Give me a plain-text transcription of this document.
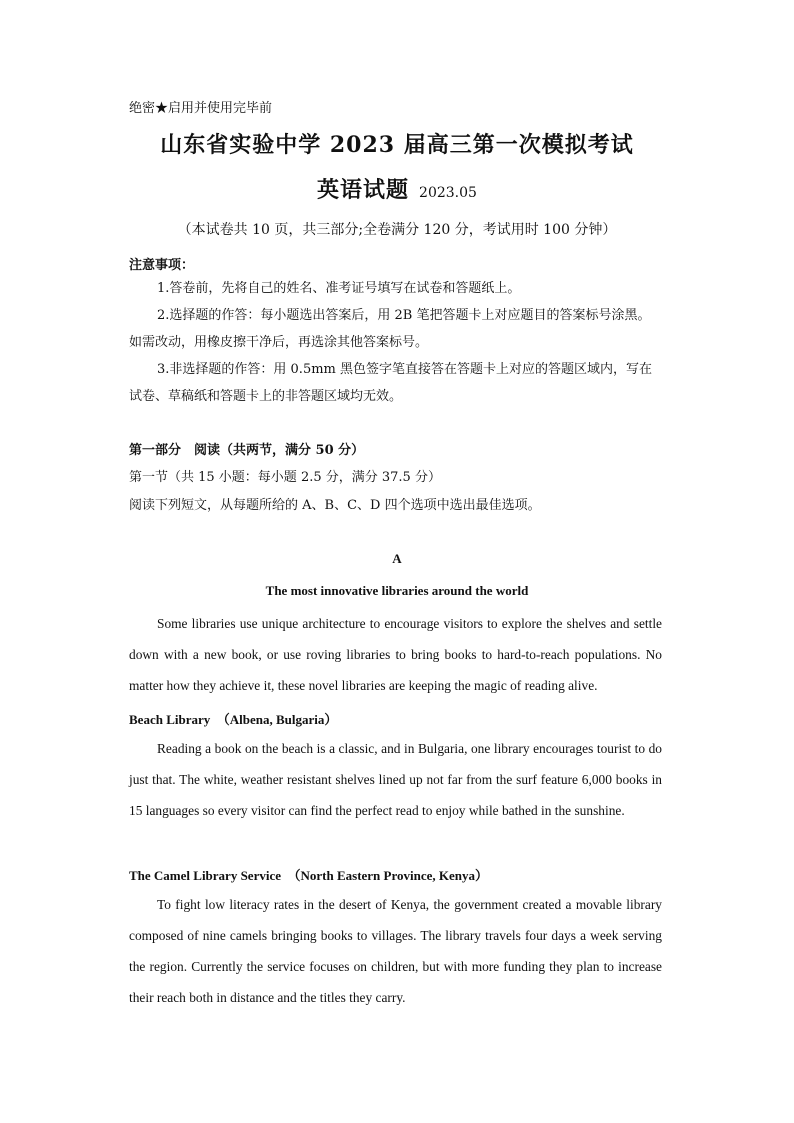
绝密★启用并使用完毕前
山东省实验中学 2023 届高三第一次模拟考试
英语试题 2023.05
（本试卷共 10 页，共三部分;全卷满分 120 分，考试用时 100 分钟）
注意事项：
1.答卷前，先将自己的姓名、准考证号填写在试卷和答题纸上。
2.选择题的作答：每小题选出答案后，用 2B 笔把答题卡上对应题目的答案标号涂黑。如需改动，用橡皮擦干净后，再选涂其他答案标号。
3.非选择题的作答：用 0.5mm 黑色签字笔直接答在答题卡上对应的答题区域内，写在试卷、草稿纸和答题卡上的非答题区域均无效。
第一部分　阅读（共两节，满分 50 分）
第一节（共 15 小题：每小题 2.5 分，满分 37.5 分）
阅读下列短文，从每题所给的 A、B、C、D 四个选项中选出最佳选项。
A
The most innovative libraries around the world
Some libraries use unique architecture to encourage visitors to explore the shelves and settle down with a new book, or use roving libraries to bring books to hard-to-reach populations. No matter how they achieve it, these novel libraries are keeping the magic of reading alive.
Beach Library　（Albena, Bulgaria）
Reading a book on the beach is a classic, and in Bulgaria, one library encourages tourist to do just that. The white, weather resistant shelves lined up not far from the surf feature 6,000 books in 15 languages so every visitor can find the perfect read to enjoy while bathed in the sunshine.
The Camel Library Service　（North Eastern Province, Kenya）
To fight low literacy rates in the desert of Kenya, the government created a movable library composed of nine camels bringing books to villages. The library travels four days a week serving the region. Currently the service focuses on children, but with more funding they plan to increase their reach both in distance and the titles they carry.
